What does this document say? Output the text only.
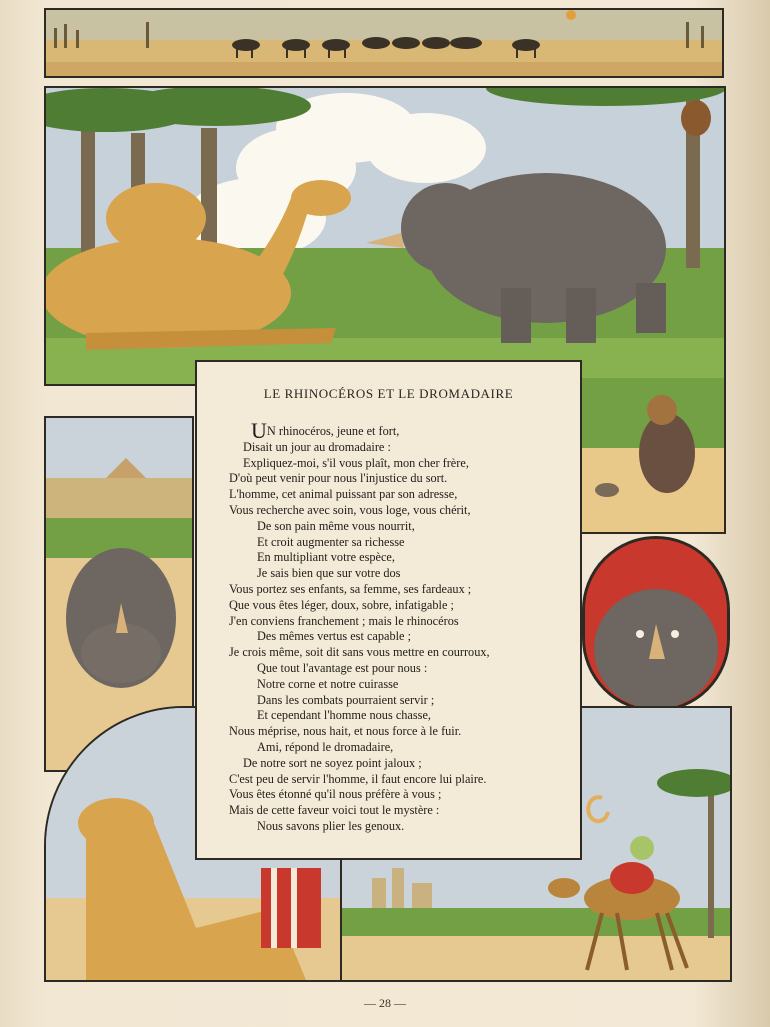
LE RHINOCÉROS ET LE DROMADAIRE
UN rhinocéros, jeune et fort,
Disait un jour au dromadaire :
Expliquez-moi, s'il vous plaît, mon cher frère,
D'où peut venir pour nous l'injustice du sort.
L'homme, cet animal puissant par son adresse,
Vous recherche avec soin, vous loge, vous chérit,
De son pain même vous nourrit,
Et croit augmenter sa richesse
En multipliant votre espèce,
Je sais bien que sur votre dos
Vous portez ses enfants, sa femme, ses fardeaux ;
Que vous êtes léger, doux, sobre, infatigable ;
J'en conviens franchement ; mais le rhinocéros
Des mêmes vertus est capable ;
Je crois même, soit dit sans vous mettre en courroux,
Que tout l'avantage est pour nous :
Notre corne et notre cuirasse
Dans les combats pourraient servir ;
Et cependant l'homme nous chasse,
Nous méprise, nous hait, et nous force à le fuir.
Ami, répond le dromadaire,
De notre sort ne soyez point jaloux ;
C'est peu de servir l'homme, il faut encore lui plaire.
Vous êtes étonné qu'il nous préfère à vous ;
Mais de cette faveur voici tout le mystère :
Nous savons plier les genoux.
— 28 —
